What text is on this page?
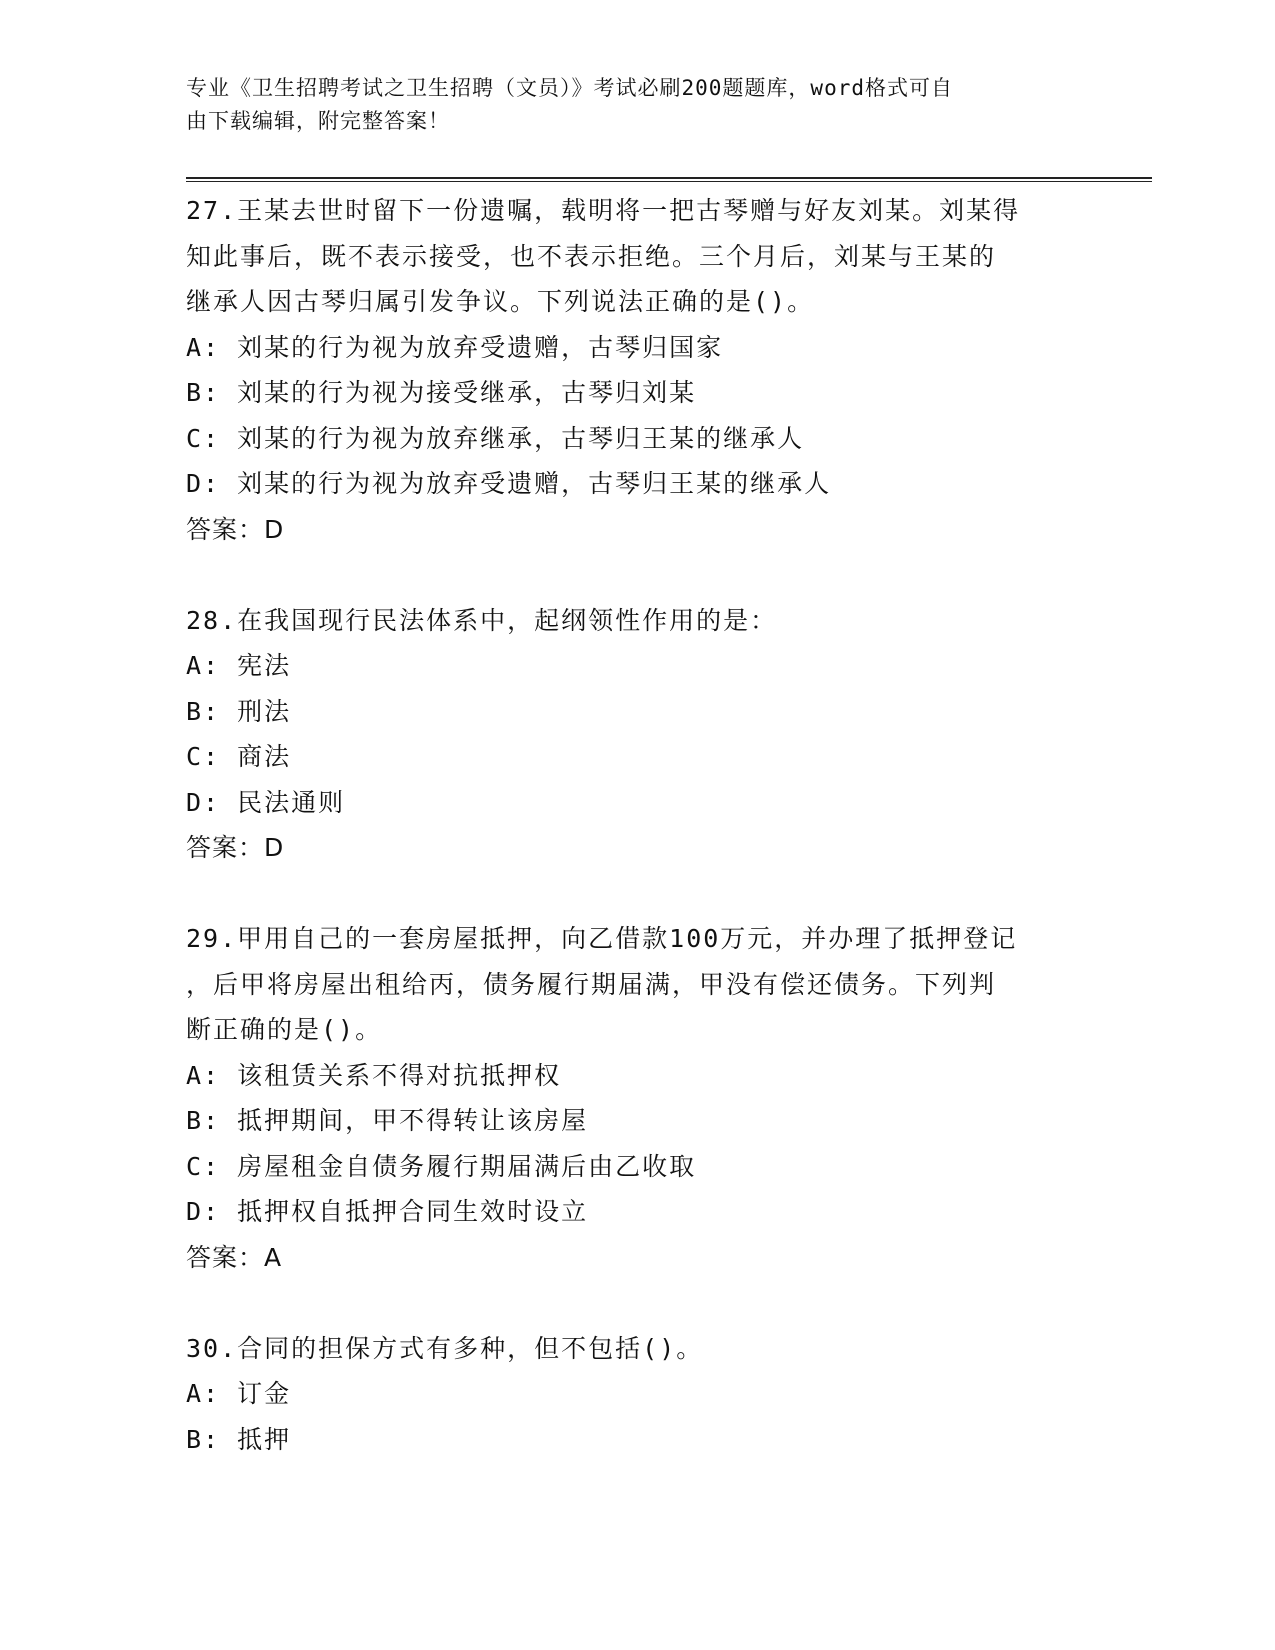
专业《卫生招聘考试之卫生招聘（文员）》考试必刷200题题库，word格式可自
由下载编辑，附完整答案！
27.王某去世时留下一份遗嘱，载明将一把古琴赠与好友刘某。刘某得
知此事后，既不表示接受，也不表示拒绝。三个月后，刘某与王某的
继承人因古琴归属引发争议。下列说法正确的是()。
A: 刘某的行为视为放弃受遗赠，古琴归国家
B: 刘某的行为视为接受继承，古琴归刘某
C: 刘某的行为视为放弃继承，古琴归王某的继承人
D: 刘某的行为视为放弃受遗赠，古琴归王某的继承人
答案：D
28.在我国现行民法体系中，起纲领性作用的是：
A: 宪法
B: 刑法
C: 商法
D: 民法通则
答案：D
29.甲用自己的一套房屋抵押，向乙借款100万元，并办理了抵押登记
，后甲将房屋出租给丙，债务履行期届满，甲没有偿还债务。下列判
断正确的是()。
A: 该租赁关系不得对抗抵押权
B: 抵押期间，甲不得转让该房屋
C: 房屋租金自债务履行期届满后由乙收取
D: 抵押权自抵押合同生效时设立
答案：A
30.合同的担保方式有多种，但不包括()。
A: 订金
B: 抵押
